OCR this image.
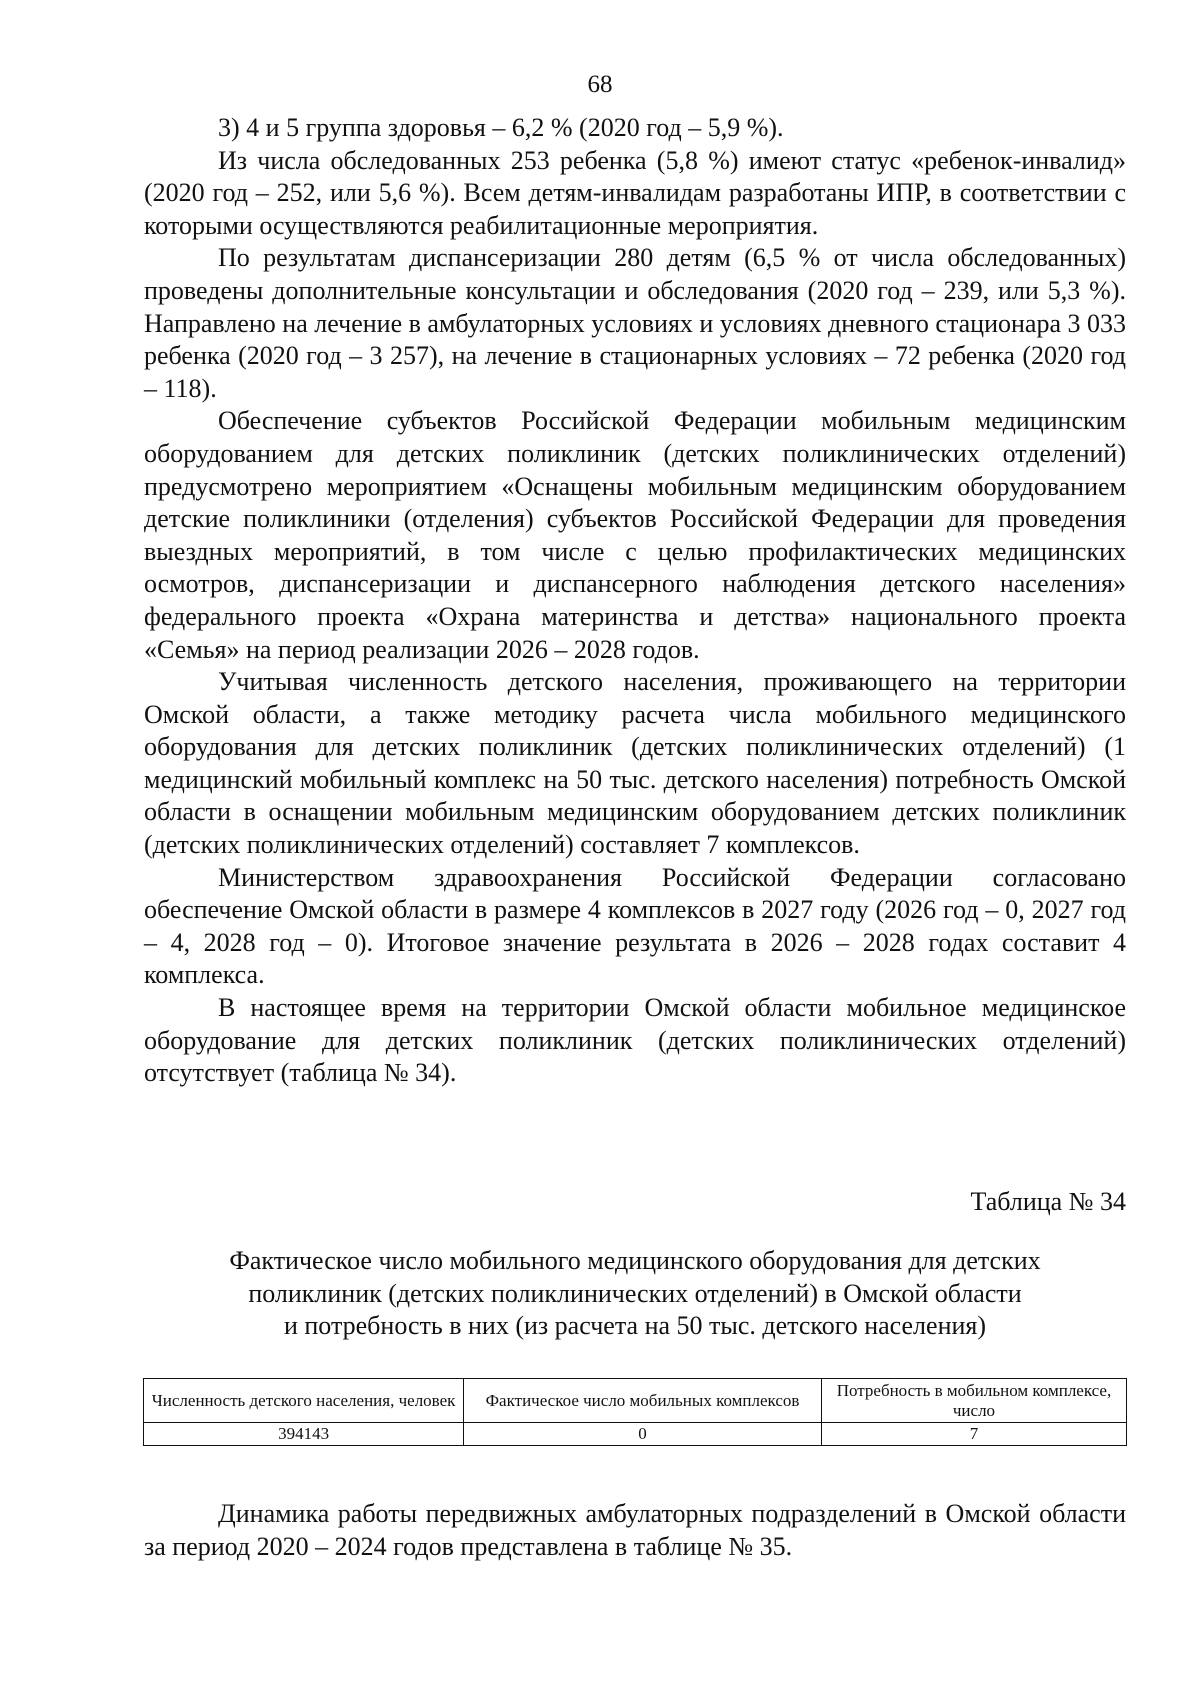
68

3) 4 и 5 группа здоровья – 6,2 % (2020 год – 5,9 %).

Из числа обследованных 253 ребенка (5,8 %) имеют статус «ребенок-инвалид» (2020 год – 252, или 5,6 %). Всем детям-инвалидам разработаны ИПР, в соответствии с которыми осуществляются реабилитационные мероприятия.

По результатам диспансеризации 280 детям (6,5 % от числа обследованных) проведены дополнительные консультации и обследования (2020 год – 239, или 5,3 %). Направлено на лечение в амбулаторных условиях и условиях дневного стационара 3 033 ребенка (2020 год – 3 257), на лечение в стационарных условиях – 72 ребенка (2020 год – 118).

Обеспечение субъектов Российской Федерации мобильным медицинским оборудованием для детских поликлиник (детских поликлинических отделений) предусмотрено мероприятием «Оснащены мобильным медицинским оборудованием детские поликлиники (отделения) субъектов Российской Федерации для проведения выездных мероприятий, в том числе с целью профилактических медицинских осмотров, диспансеризации и диспансерного наблюдения детского населения» федерального проекта «Охрана материнства и детства» национального проекта «Семья» на период реализации 2026 – 2028 годов.

Учитывая численность детского населения, проживающего на территории Омской области, а также методику расчета числа мобильного медицинского оборудования для детских поликлиник (детских поликлинических отделений) (1 медицинский мобильный комплекс на 50 тыс. детского населения) потребность Омской области в оснащении мобильным медицинским оборудованием детских поликлиник (детских поликлинических отделений) составляет 7 комплексов.

Министерством здравоохранения Российской Федерации согласовано обеспечение Омской области в размере 4 комплексов в 2027 году (2026 год – 0, 2027 год – 4, 2028 год – 0). Итоговое значение результата в 2026 – 2028 годах составит 4 комплекса.

В настоящее время на территории Омской области мобильное медицинское оборудование для детских поликлиник (детских поликлинических отделений) отсутствует (таблица № 34).

Таблица № 34
Фактическое число мобильного медицинского оборудования для детских
поликлиник (детских поликлинических отделений) в Омской области
и потребность в них (из расчета на 50 тыс. детского населения)
Численность детского населения, человек	Фактическое число мобильных комплексов	Потребность в мобильном комплексе, число
394143	0	7

Динамика работы передвижных амбулаторных подразделений в Омской области за период 2020 – 2024 годов представлена в таблице № 35.
